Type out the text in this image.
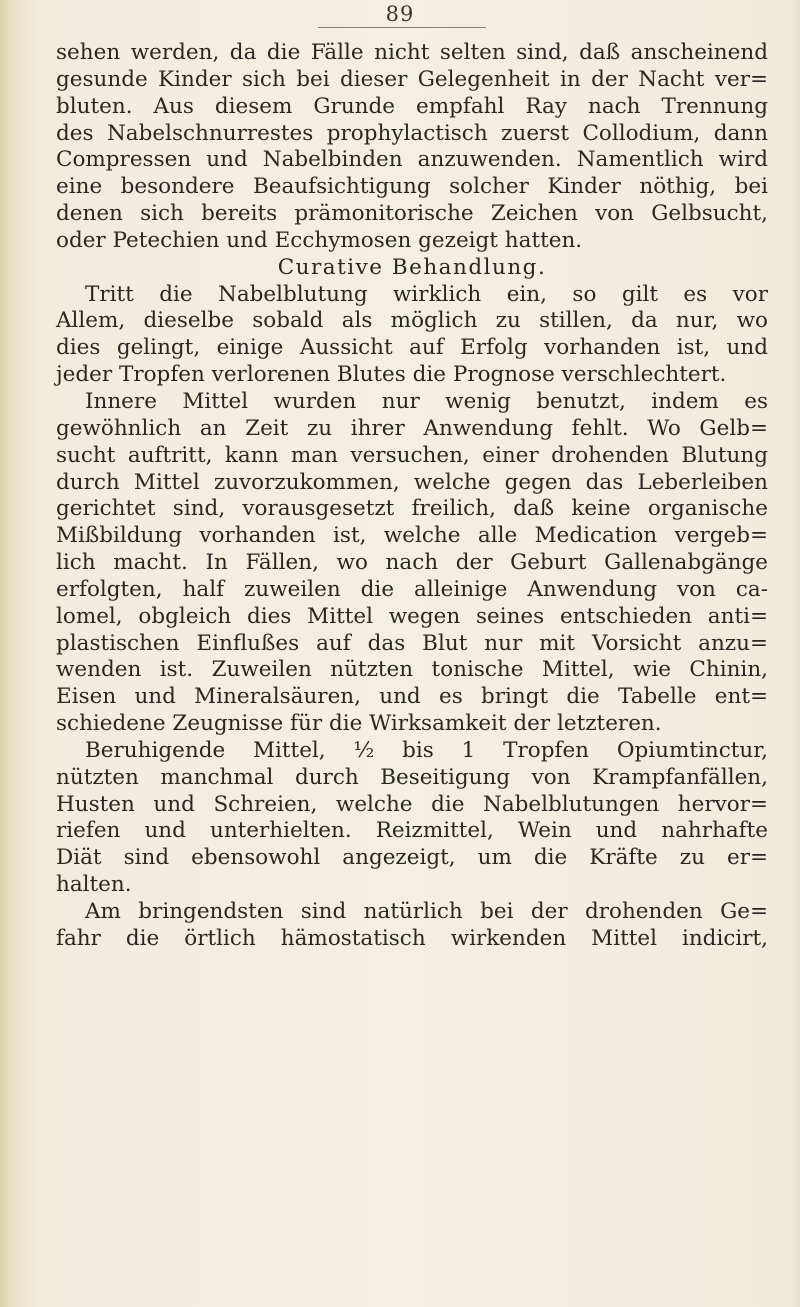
89
sehen werden, da die Fälle nicht selten sind, daß anscheinend
gesunde Kinder sich bei dieser Gelegenheit in der Nacht ver=
bluten. Aus diesem Grunde empfahl Ray nach Trennung
des Nabelschnurrestes prophylactisch zuerst Collodium, dann
Compressen und Nabelbinden anzuwenden. Namentlich wird
eine besondere Beaufsichtigung solcher Kinder nöthig, bei
denen sich bereits prämonitorische Zeichen von Gelbsucht,
oder Petechien und Ecchymosen gezeigt hatten.
Curative Behandlung.
Tritt die Nabelblutung wirklich ein, so gilt es vor
Allem, dieselbe sobald als möglich zu stillen, da nur, wo
dies gelingt, einige Aussicht auf Erfolg vorhanden ist, und
jeder Tropfen verlorenen Blutes die Prognose verschlechtert.
Innere Mittel wurden nur wenig benutzt, indem es
gewöhnlich an Zeit zu ihrer Anwendung fehlt. Wo Gelb=
sucht auftritt, kann man versuchen, einer drohenden Blutung
durch Mittel zuvorzukommen, welche gegen das Leberleiben
gerichtet sind, vorausgesetzt freilich, daß keine organische
Mißbildung vorhanden ist, welche alle Medication vergeb=
lich macht. In Fällen, wo nach der Geburt Gallenabgänge
erfolgten, half zuweilen die alleinige Anwendung von ca-
lomel, obgleich dies Mittel wegen seines entschieden anti=
plastischen Einflußes auf das Blut nur mit Vorsicht anzu=
wenden ist. Zuweilen nützten tonische Mittel, wie Chinin,
Eisen und Mineralsäuren, und es bringt die Tabelle ent=
schiedene Zeugnisse für die Wirksamkeit der letzteren.
Beruhigende Mittel, ½ bis 1 Tropfen Opiumtinctur,
nützten manchmal durch Beseitigung von Krampfanfällen,
Husten und Schreien, welche die Nabelblutungen hervor=
riefen und unterhielten. Reizmittel, Wein und nahrhafte
Diät sind ebensowohl angezeigt, um die Kräfte zu er=
halten.
Am bringendsten sind natürlich bei der drohenden Ge=
fahr die örtlich hämostatisch wirkenden Mittel indicirt,
